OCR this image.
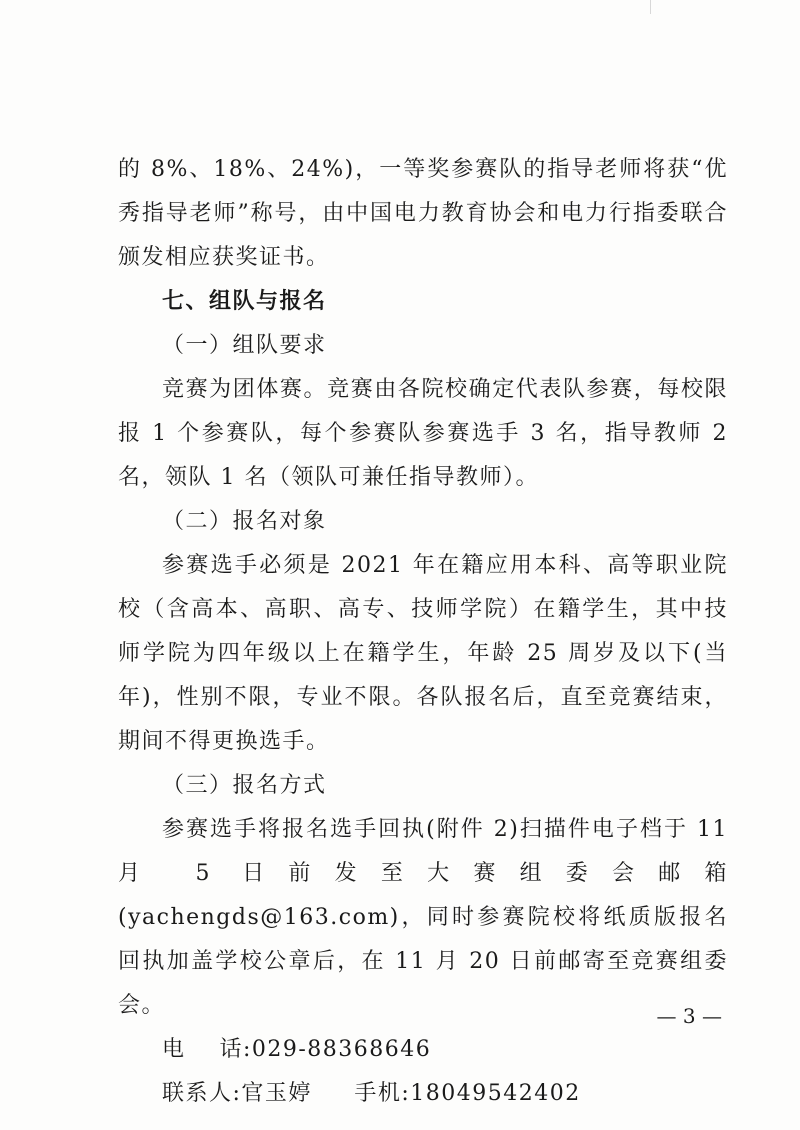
的 8%、18%、24%)，一等奖参赛队的指导老师将获“优秀指导老师”称号，由中国电力教育协会和电力行指委联合颁发相应获奖证书。

七、组队与报名

（一）组队要求

竞赛为团体赛。竞赛由各院校确定代表队参赛，每校限报 1 个参赛队，每个参赛队参赛选手 3 名，指导教师 2 名，领队 1 名（领队可兼任指导教师）。

（二）报名对象

参赛选手必须是 2021 年在籍应用本科、高等职业院校（含高本、高职、高专、技师学院）在籍学生，其中技师学院为四年级以上在籍学生，年龄 25 周岁及以下(当年)，性别不限，专业不限。各队报名后，直至竞赛结束，期间不得更换选手。

（三）报名方式

参赛选手将报名选手回执(附件 2)扫描件电子档于 11 月 5 日前发至大赛组委会邮箱(yachengds@163.com)，同时参赛院校将纸质版报名回执加盖学校公章后，在 11 月 20 日前邮寄至竞赛组委会。

电    话:029-88368646

联系人:官玉婷     手机:18049542402

— 3 —
